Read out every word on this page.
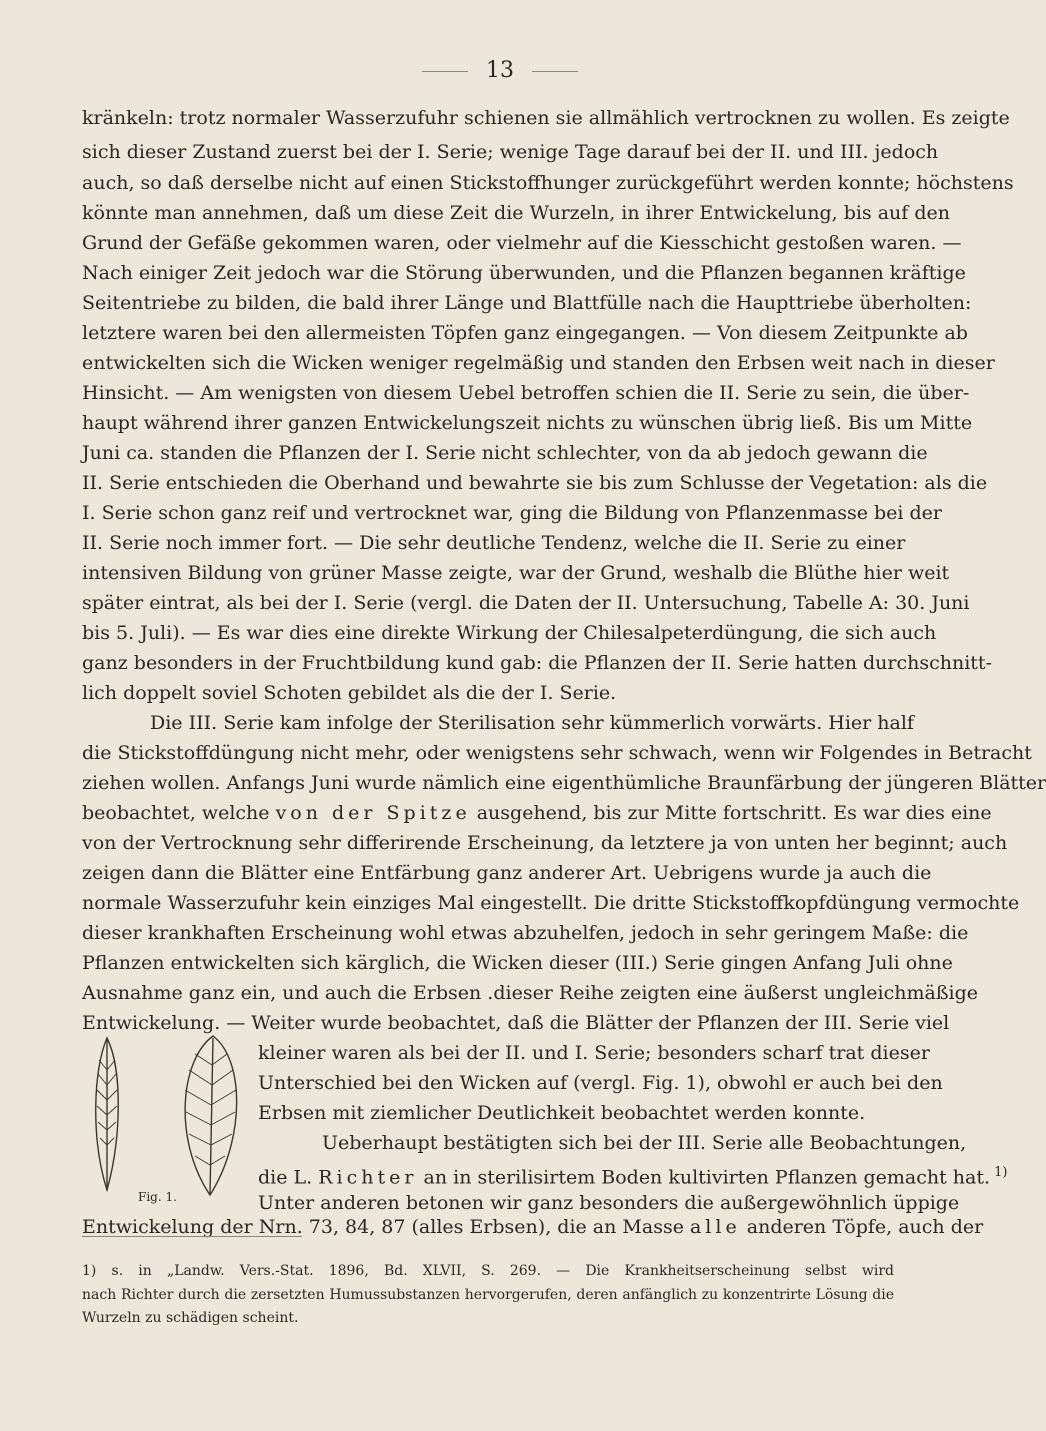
13
kränkeln: trotz normaler Wasserzufuhr schienen sie allmählich vertrocknen zu wollen. Es zeigte
sich dieser Zustand zuerst bei der I. Serie; wenige Tage darauf bei der II. und III. jedoch
auch, so daß derselbe nicht auf einen Stickstoffhunger zurückgeführt werden konnte; höchstens
könnte man annehmen, daß um diese Zeit die Wurzeln, in ihrer Entwickelung, bis auf den
Grund der Gefäße gekommen waren, oder vielmehr auf die Kiesschicht gestoßen waren. —
Nach einiger Zeit jedoch war die Störung überwunden, und die Pflanzen begannen kräftige
Seitentriebe zu bilden, die bald ihrer Länge und Blattfülle nach die Haupttriebe überholten:
letztere waren bei den allermeisten Töpfen ganz eingegangen. — Von diesem Zeitpunkte ab
entwickelten sich die Wicken weniger regelmäßig und standen den Erbsen weit nach in dieser
Hinsicht. — Am wenigsten von diesem Uebel betroffen schien die II. Serie zu sein, die über-
haupt während ihrer ganzen Entwickelungszeit nichts zu wünschen übrig ließ. Bis um Mitte
Juni ca. standen die Pflanzen der I. Serie nicht schlechter, von da ab jedoch gewann die
II. Serie entschieden die Oberhand und bewahrte sie bis zum Schlusse der Vegetation: als die
I. Serie schon ganz reif und vertrocknet war, ging die Bildung von Pflanzenmasse bei der
II. Serie noch immer fort. — Die sehr deutliche Tendenz, welche die II. Serie zu einer
intensiven Bildung von grüner Masse zeigte, war der Grund, weshalb die Blüthe hier weit
später eintrat, als bei der I. Serie (vergl. die Daten der II. Untersuchung, Tabelle A: 30. Juni
bis 5. Juli). — Es war dies eine direkte Wirkung der Chilesalpeterdüngung, die sich auch
ganz besonders in der Fruchtbildung kund gab: die Pflanzen der II. Serie hatten durchschnitt-
lich doppelt soviel Schoten gebildet als die der I. Serie.
Die III. Serie kam infolge der Sterilisation sehr kümmerlich vorwärts. Hier half
die Stickstoffdüngung nicht mehr, oder wenigstens sehr schwach, wenn wir Folgendes in Betracht
ziehen wollen. Anfangs Juni wurde nämlich eine eigenthümliche Braunfärbung der jüngeren Blätter
beobachtet, welche von der Spitze ausgehend, bis zur Mitte fortschritt. Es war dies eine
von der Vertrocknung sehr differirende Erscheinung, da letztere ja von unten her beginnt; auch
zeigen dann die Blätter eine Entfärbung ganz anderer Art. Uebrigens wurde ja auch die
normale Wasserzufuhr kein einziges Mal eingestellt. Die dritte Stickstoffkopfdüngung vermochte
dieser krankhaften Erscheinung wohl etwas abzuhelfen, jedoch in sehr geringem Maße: die
Pflanzen entwickelten sich kärglich, die Wicken dieser (III.) Serie gingen Anfang Juli ohne
Ausnahme ganz ein, und auch die Erbsen .dieser Reihe zeigten eine äußerst ungleichmäßige
Entwickelung. — Weiter wurde beobachtet, daß die Blätter der Pflanzen der III. Serie viel
kleiner waren als bei der II. und I. Serie; besonders scharf trat dieser
Unterschied bei den Wicken auf (vergl. Fig. 1), obwohl er auch bei den
Erbsen mit ziemlicher Deutlichkeit beobachtet werden konnte.
Ueberhaupt bestätigten sich bei der III. Serie alle Beobachtungen,
die L. Richter an in sterilisirtem Boden kultivirten Pflanzen gemacht hat. $^{1)}$
Unter anderen betonen wir ganz besonders die außergewöhnlich üppige
Entwickelung der Nrn. 73, 84, 87 (alles Erbsen), die an Masse alle anderen Töpfe, auch der
Fig. 1.
1) s. in „Landw. Vers.-Stat. 1896, Bd. XLVII, S. 269. — Die Krankheitserscheinung selbst wird
nach Richter durch die zersetzten Humussubstanzen hervorgerufen, deren anfänglich zu konzentrirte Lösung die
Wurzeln zu schädigen scheint.
